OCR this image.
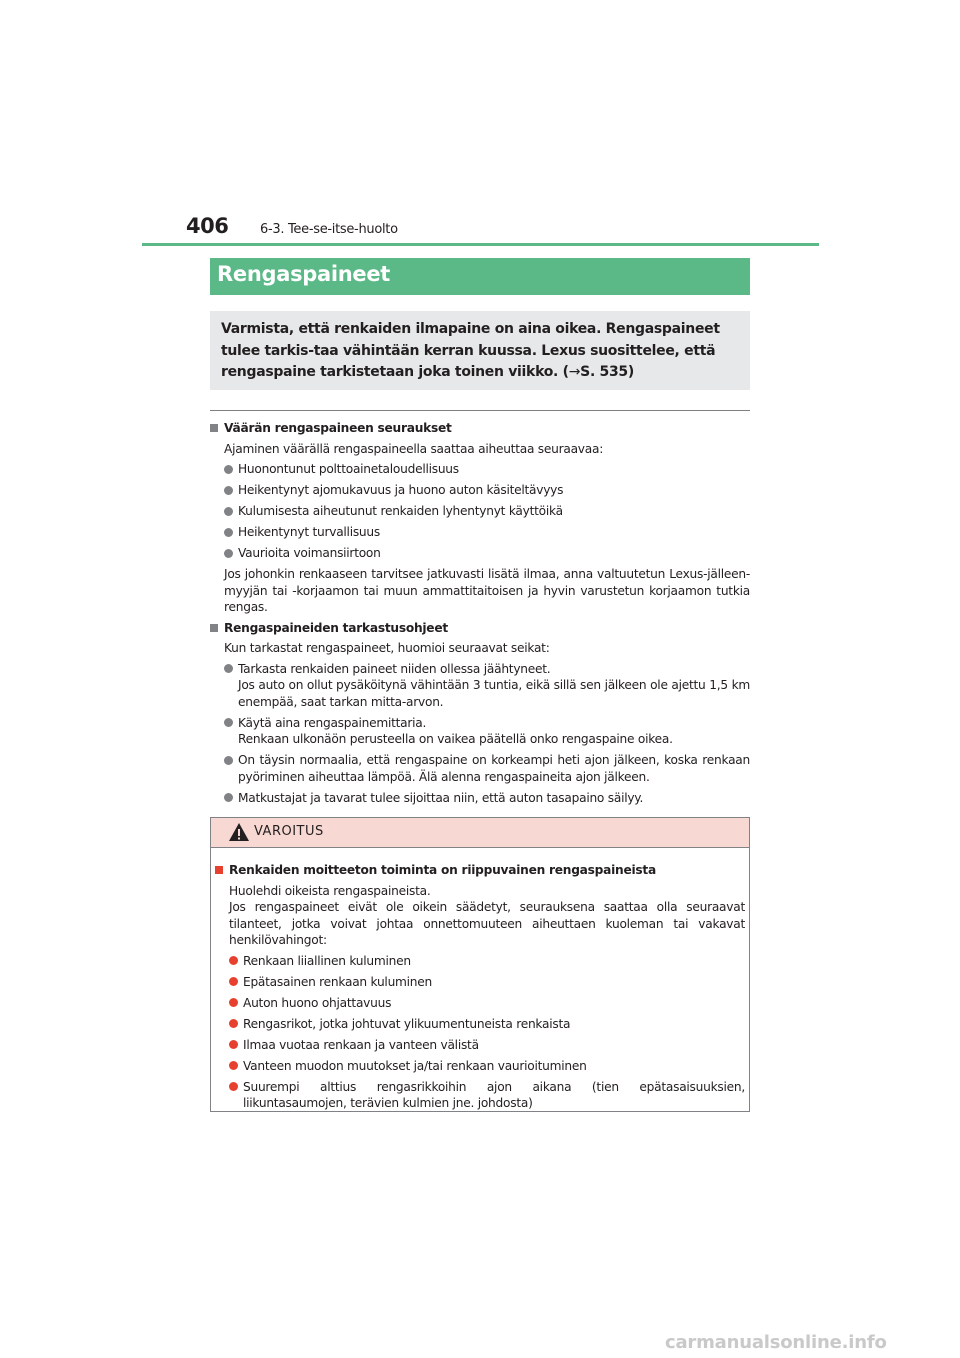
406 6-3. Tee-se-itse-huolto
Rengaspaineet
Varmista, että renkaiden ilmapaine on aina oikea. Rengaspaineet tulee tarkis-taa vähintään kerran kuussa. Lexus suosittelee, että rengaspaine tarkistetaan joka toinen viikko. (→S. 535)
Väärän rengaspaineen seuraukset
Ajaminen väärällä rengaspaineella saattaa aiheuttaa seuraavaa:
Huonontunut polttoainetaloudellisuus
Heikentynyt ajomukavuus ja huono auton käsiteltävyys
Kulumisesta aiheutunut renkaiden lyhentynyt käyttöikä
Heikentynyt turvallisuus
Vaurioita voimansiirtoon
Jos johonkin renkaaseen tarvitsee jatkuvasti lisätä ilmaa, anna valtuutetun Lexus-jälleen-myyjän tai -korjaamon tai muun ammattitaitoisen ja hyvin varustetun korjaamon tutkia rengas.
Rengaspaineiden tarkastusohjeet
Kun tarkastat rengaspaineet, huomioi seuraavat seikat:
Tarkasta renkaiden paineet niiden ollessa jäähtyneet.
Jos auto on ollut pysäköitynä vähintään 3 tuntia, eikä sillä sen jälkeen ole ajettu 1,5 km enempää, saat tarkan mitta-arvon.
Käytä aina rengaspainemittaria.
Renkaan ulkonäön perusteella on vaikea päätellä onko rengaspaine oikea.
On täysin normaalia, että rengaspaine on korkeampi heti ajon jälkeen, koska renkaan pyöriminen aiheuttaa lämpöä. Älä alenna rengaspaineita ajon jälkeen.
Matkustajat ja tavarat tulee sijoittaa niin, että auton tasapaino säilyy.
VAROITUS
Renkaiden moitteeton toiminta on riippuvainen rengaspaineista
Huolehdi oikeista rengaspaineista.
Jos rengaspaineet eivät ole oikein säädetyt, seurauksena saattaa olla seuraavat tilanteet, jotka voivat johtaa onnettomuuteen aiheuttaen kuoleman tai vakavat henkilövahingot:
Renkaan liiallinen kuluminen
Epätasainen renkaan kuluminen
Auton huono ohjattavuus
Rengasrikot, jotka johtuvat ylikuumentuneista renkaista
Ilmaa vuotaa renkaan ja vanteen välistä
Vanteen muodon muutokset ja/tai renkaan vaurioituminen
Suurempi alttius rengasrikkoihin ajon aikana (tien epätasaisuuksien, liikuntasaumojen, terävien kulmien jne. johdosta)
carmanualsonline.info
